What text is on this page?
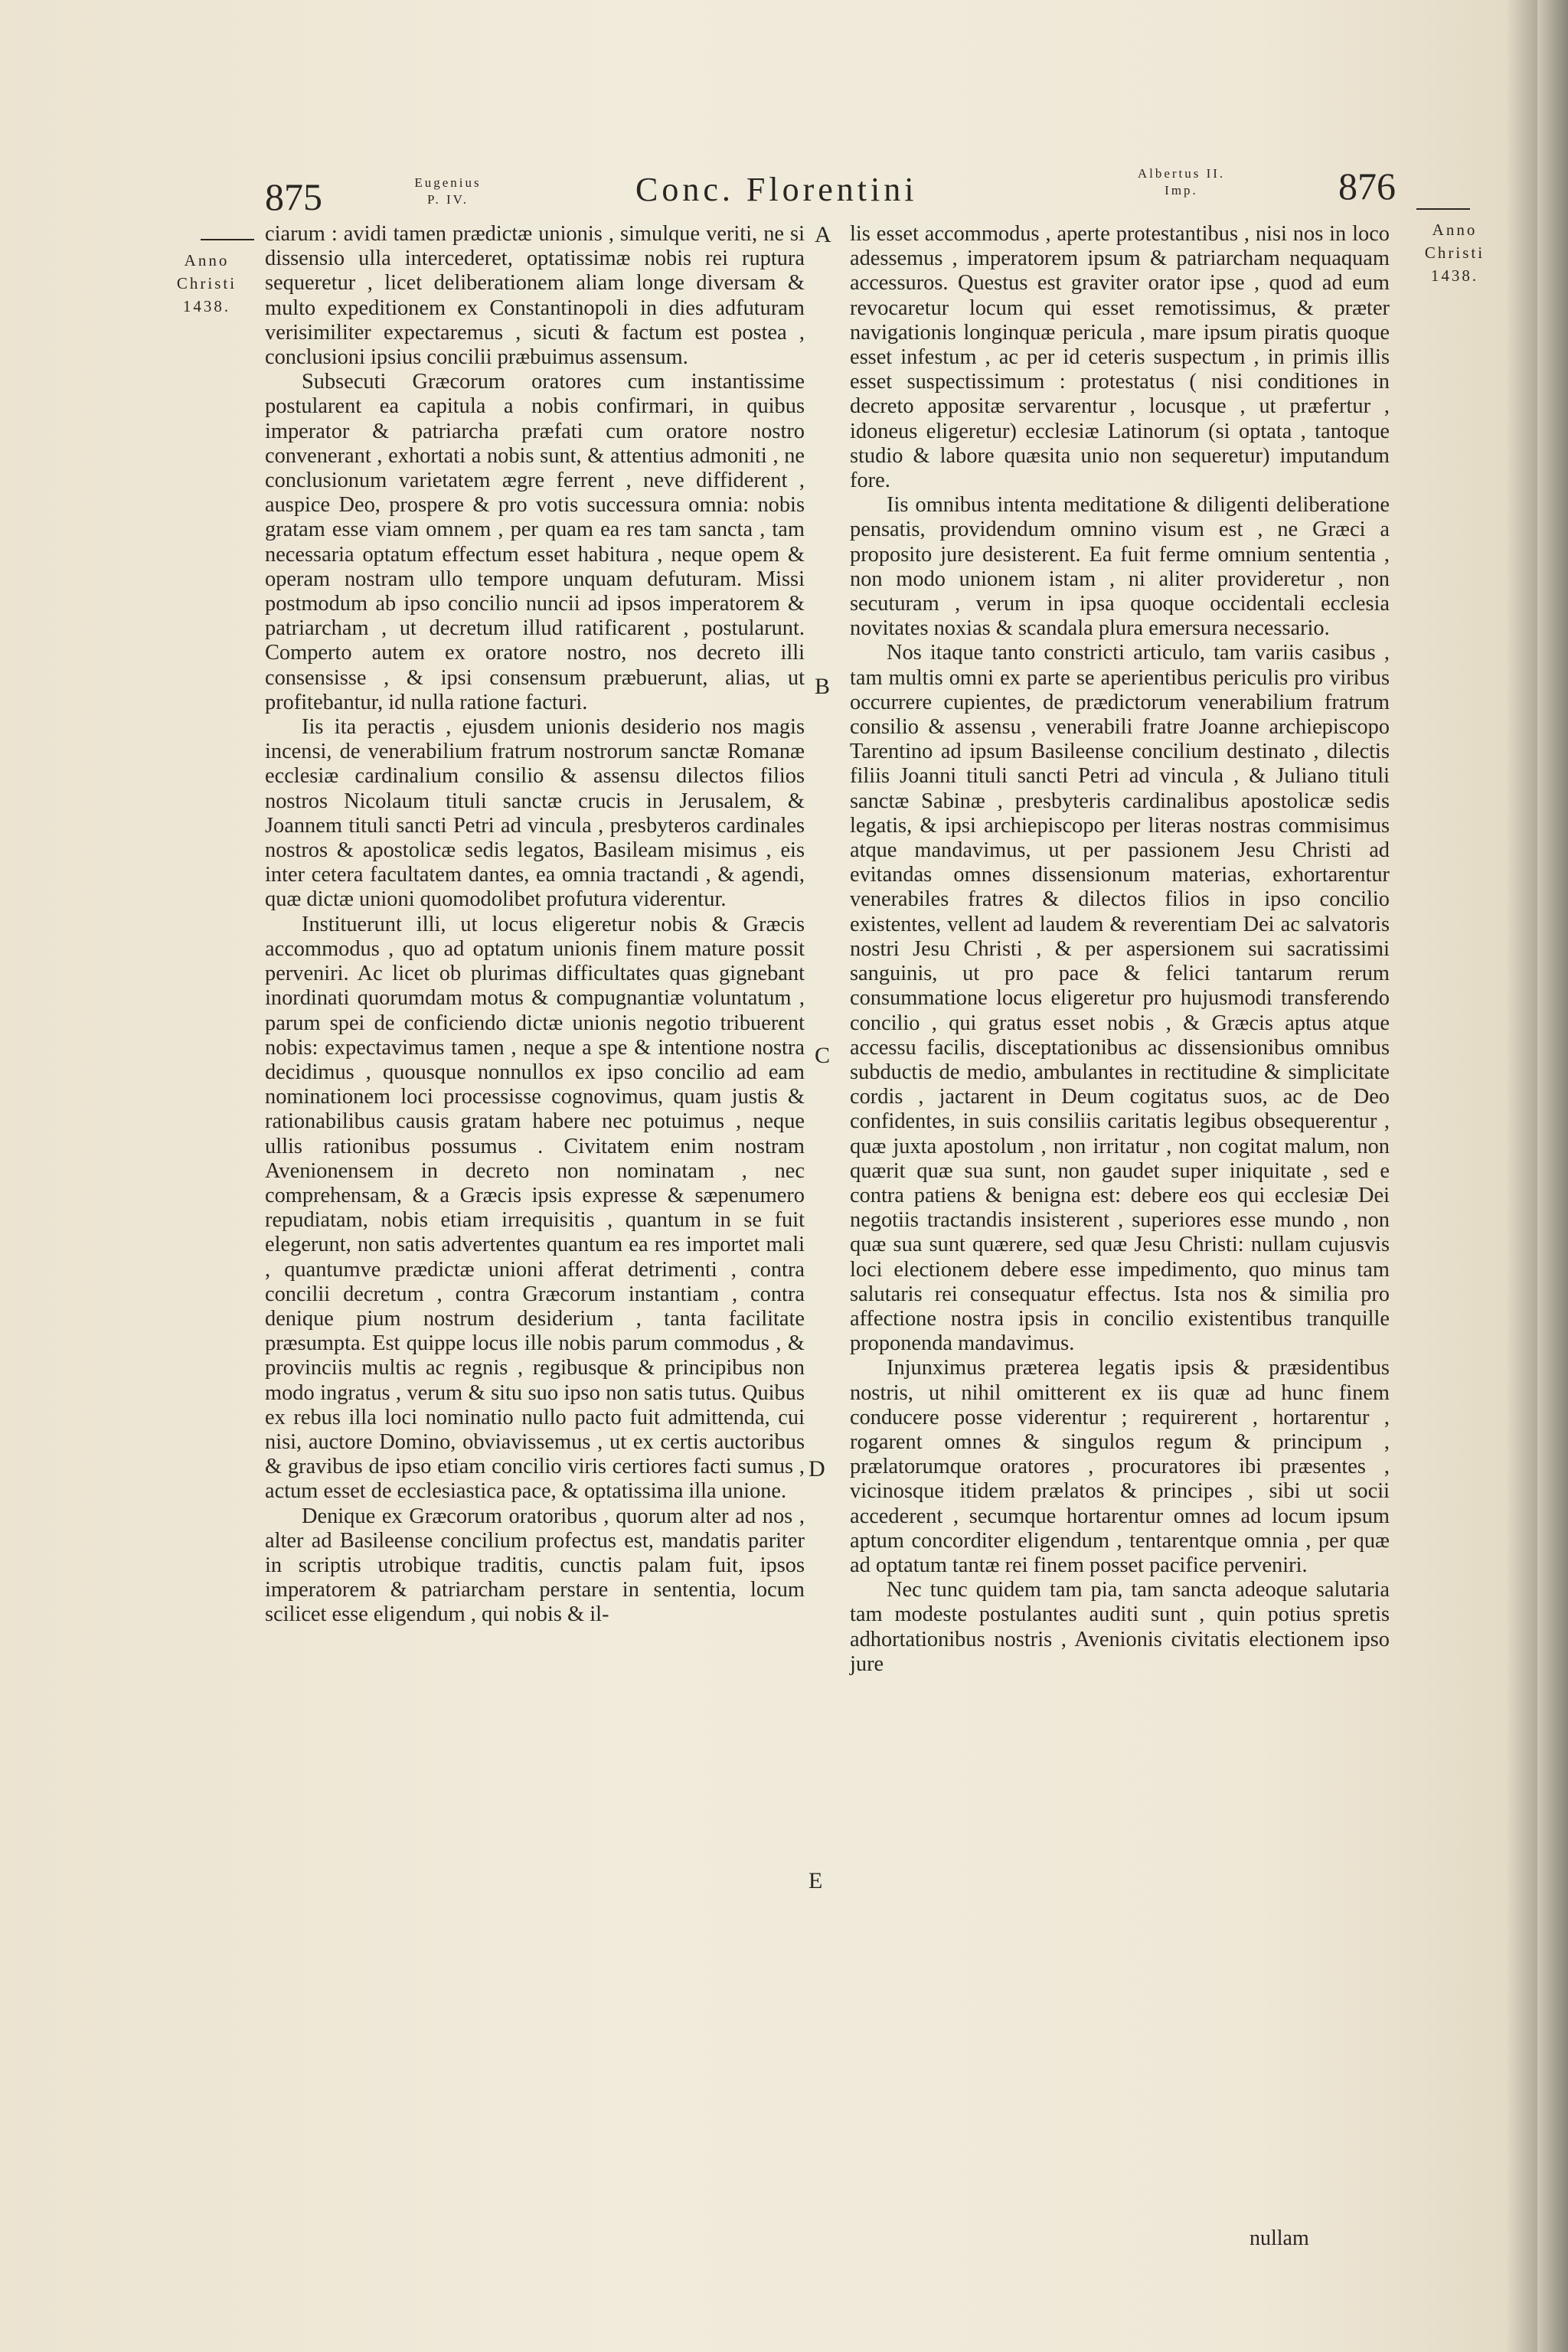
875	Eugenius
P. IV.	Conc. Florentini	Albertus II.
Imp.	876
Anno
Christi
1438.
Anno
Christi
1438.

ciarum : avidi tamen prædictæ unionis , simulque veriti, ne si dissensio ulla intercederet, optatissimæ nobis rei ruptura sequeretur , licet deliberationem aliam longe diversam & multo expeditionem ex Constantinopoli in dies adfuturam verisimiliter expectaremus , sicuti & factum est postea , conclusioni ipsius concilii præbuimus assensum.

Subsecuti Græcorum oratores cum instantissime postularent ea capitula a nobis confirmari, in quibus imperator & patriarcha præfati cum oratore nostro convenerant , exhortati a nobis sunt, & attentius admoniti , ne conclusionum varietatem ægre ferrent , neve diffiderent , auspice Deo, prospere & pro votis successura omnia: nobis gratam esse viam omnem , per quam ea res tam sancta , tam necessaria optatum effectum esset habitura , neque opem & operam nostram ullo tempore unquam defuturam. Missi postmodum ab ipso concilio nuncii ad ipsos imperatorem & patriarcham , ut decretum illud ratificarent , postularunt. Comperto autem ex oratore nostro, nos decreto illi consensisse , & ipsi consensum præbuerunt, alias, ut profitebantur, id nulla ratione facturi.

Iis ita peractis , ejusdem unionis desiderio nos magis incensi, de venerabilium fratrum nostrorum sanctæ Romanæ ecclesiæ cardinalium consilio & assensu dilectos filios nostros Nicolaum tituli sanctæ crucis in Jerusalem, & Joannem tituli sancti Petri ad vincula , presbyteros cardinales nostros & apostolicæ sedis legatos, Basileam misimus , eis inter cetera facultatem dantes, ea omnia tractandi , & agendi, quæ dictæ unioni quomodolibet profutura viderentur.

Instituerunt illi, ut locus eligeretur nobis & Græcis accommodus , quo ad optatum unionis finem mature possit perveniri. Ac licet ob plurimas difficultates quas gignebant inordinati quorumdam motus & compugnantiæ voluntatum , parum spei de conficiendo dictæ unionis negotio tribuerent nobis: expectavimus tamen , neque a spe & intentione nostra decidimus , quousque nonnullos ex ipso concilio ad eam nominationem loci processisse cognovimus, quam justis & rationabilibus causis gratam habere nec potuimus , neque ullis rationibus possumus . Civitatem enim nostram Avenionensem in decreto non nominatam , nec comprehensam, & a Græcis ipsis expresse & sæpenumero repudiatam, nobis etiam irrequisitis , quantum in se fuit elegerunt, non satis advertentes quantum ea res importet mali , quantumve prædictæ unioni afferat detrimenti , contra concilii decretum , contra Græcorum instantiam , contra denique pium nostrum desiderium , tanta facilitate præsumpta. Est quippe locus ille nobis parum commodus , & provinciis multis ac regnis , regibusque & principibus non modo ingratus , verum & situ suo ipso non satis tutus. Quibus ex rebus illa loci nominatio nullo pacto fuit admittenda, cui nisi, auctore Domino, obviavissemus , ut ex certis auctoribus & gravibus de ipso etiam concilio viris certiores facti sumus , actum esset de ecclesiastica pace, & optatissima illa unione.

Denique ex Græcorum oratoribus , quorum alter ad nos , alter ad Basileense concilium profectus est, mandatis pariter in scriptis utrobique traditis, cunctis palam fuit, ipsos imperatorem & patriarcham perstare in sententia, locum scilicet esse eligendum , qui nobis & il-

lis esset accommodus , aperte protestantibus , nisi nos in loco adessemus , imperatorem ipsum & patriarcham nequaquam accessuros. Questus est graviter orator ipse , quod ad eum revocaretur locum qui esset remotissimus, & præter navigationis longinquæ pericula , mare ipsum piratis quoque esset infestum , ac per id ceteris suspectum , in primis illis esset suspectissimum : protestatus ( nisi conditiones in decreto appositæ servarentur , locusque , ut præfertur , idoneus eligeretur) ecclesiæ Latinorum (si optata , tantoque studio & labore quæsita unio non sequeretur) imputandum fore.

Iis omnibus intenta meditatione & diligenti deliberatione pensatis, providendum omnino visum est , ne Græci a proposito jure desisterent. Ea fuit ferme omnium sententia , non modo unionem istam , ni aliter provideretur , non secuturam , verum in ipsa quoque occidentali ecclesia novitates noxias & scandala plura emersura necessario.

Nos itaque tanto constricti articulo, tam variis casibus , tam multis omni ex parte se aperientibus periculis pro viribus occurrere cupientes, de prædictorum venerabilium fratrum consilio & assensu , venerabili fratre Joanne archiepiscopo Tarentino ad ipsum Basileense concilium destinato , dilectis filiis Joanni tituli sancti Petri ad vincula , & Juliano tituli sanctæ Sabinæ , presbyteris cardinalibus apostolicæ sedis legatis, & ipsi archiepiscopo per literas nostras commisimus atque mandavimus, ut per passionem Jesu Christi ad evitandas omnes dissensionum materias, exhortarentur venerabiles fratres & dilectos filios in ipso concilio existentes, vellent ad laudem & reverentiam Dei ac salvatoris nostri Jesu Christi , & per aspersionem sui sacratissimi sanguinis, ut pro pace & felici tantarum rerum consummatione locus eligeretur pro hujusmodi transferendo concilio , qui gratus esset nobis , & Græcis aptus atque accessu facilis, disceptationibus ac dissensionibus omnibus subductis de medio, ambulantes in rectitudine & simplicitate cordis , jactarent in Deum cogitatus suos, ac de Deo confidentes, in suis consiliis caritatis legibus obsequerentur , quæ juxta apostolum , non irritatur , non cogitat malum, non quærit quæ sua sunt, non gaudet super iniquitate , sed e contra patiens & benigna est: debere eos qui ecclesiæ Dei negotiis tractandis insisterent , superiores esse mundo , non quæ sua sunt quærere, sed quæ Jesu Christi: nullam cujusvis loci electionem debere esse impedimento, quo minus tam salutaris rei consequatur effectus. Ista nos & similia pro affectione nostra ipsis in concilio existentibus tranquille proponenda mandavimus.

Injunximus præterea legatis ipsis & præsidentibus nostris, ut nihil omitterent ex iis quæ ad hunc finem conducere posse viderentur ; requirerent , hortarentur , rogarent omnes & singulos regum & principum , prælatorumque oratores , procuratores ibi præsentes , vicinosque itidem prælatos & principes , sibi ut socii accederent , secumque hortarentur omnes ad locum ipsum aptum concorditer eligendum , tentarentque omnia , per quæ ad optatum tantæ rei finem posset pacifice perveniri.

Nec tunc quidem tam pia, tam sancta adeoque salutaria tam modeste postulantes auditi sunt , quin potius spretis adhortationibus nostris , Avenionis civitatis electionem ipso jure

A
B
C
D
E
nullam
